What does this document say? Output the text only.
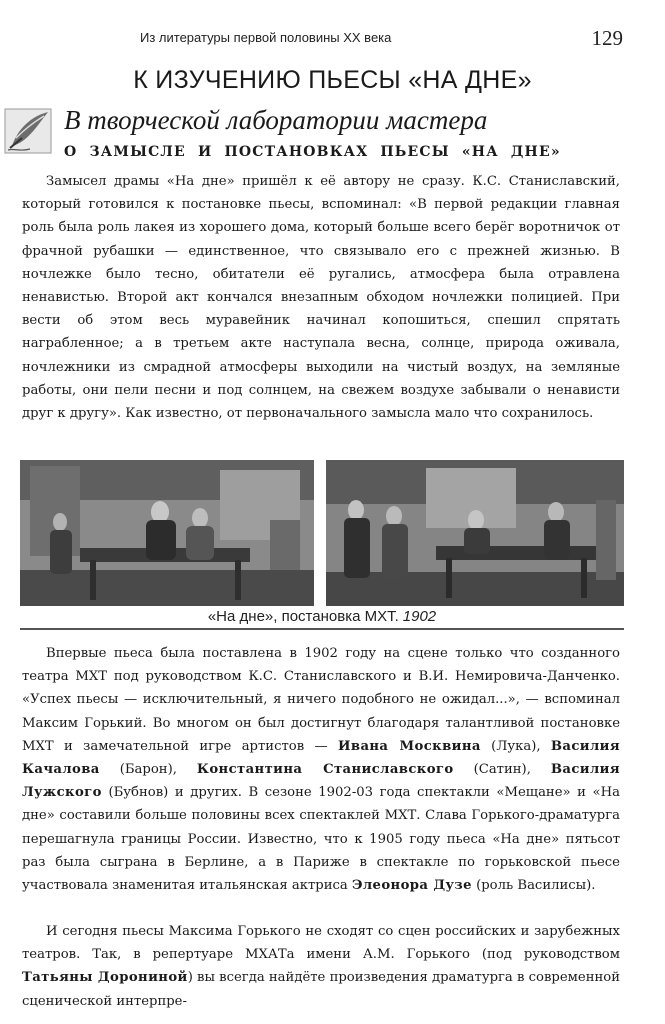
Из литературы первой половины ХХ века	129
К ИЗУЧЕНИЮ ПЬЕСЫ «НА ДНЕ»
В творческой лаборатории мастера
О ЗАМЫСЛЕ И ПОСТАНОВКАХ ПЬЕСЫ «НА ДНЕ»
Замысел драмы «На дне» пришёл к её автору не сразу. К.С. Станиславский, который готовился к постановке пьесы, вспоминал: «В первой редакции главная роль была роль лакея из хорошего дома, который больше всего берёг воротничок от фрачной рубашки — единственное, что связывало его с прежней жизнью. В ночлежке было тесно, обитатели её ругались, атмосфера была отравлена ненавистью. Второй акт кончался внезапным обходом ночлежки полицией. При вести об этом весь муравейник начинал копошиться, спешил спрятать награбленное; а в третьем акте наступала весна, солнце, природа оживала, ночлежники из смрадной атмосферы выходили на чистый воздух, на земляные работы, они пели песни и под солнцем, на свежем воздухе забывали о ненависти друг к другу». Как известно, от первоначального замысла мало что сохранилось.
«На дне», постановка МХТ. 1902
Впервые пьеса была поставлена в 1902 году на сцене только что созданного театра МХТ под руководством К.С. Станиславского и В.И. Немировича-Данченко. «Успех пьесы — исключительный, я ничего подобного не ожидал...», — вспоминал Максим Горький. Во многом он был достигнут благодаря талантливой постановке МХТ и замечательной игре артистов — Ивана Москвина (Лука), Василия Качалова (Барон), Константина Станиславского (Сатин), Василия Лужского (Бубнов) и других. В сезоне 1902-03 года спектакли «Мещане» и «На дне» составили больше половины всех спектаклей МХТ. Слава Горького-драматурга перешагнула границы России. Известно, что к 1905 году пьеса «На дне» пятьсот раз была сыграна в Берлине, а в Париже в спектакле по горьковской пьесе участвовала знаменитая итальянская актриса Элеонора Дузе (роль Василисы).
И сегодня пьесы Максима Горького не сходят со сцен российских и зарубежных театров. Так, в репертуаре МХАТа имени А.М. Горького (под руководством Татьяны Дорониной) вы всегда найдёте произведения драматурга в современной сценической интерпре-
